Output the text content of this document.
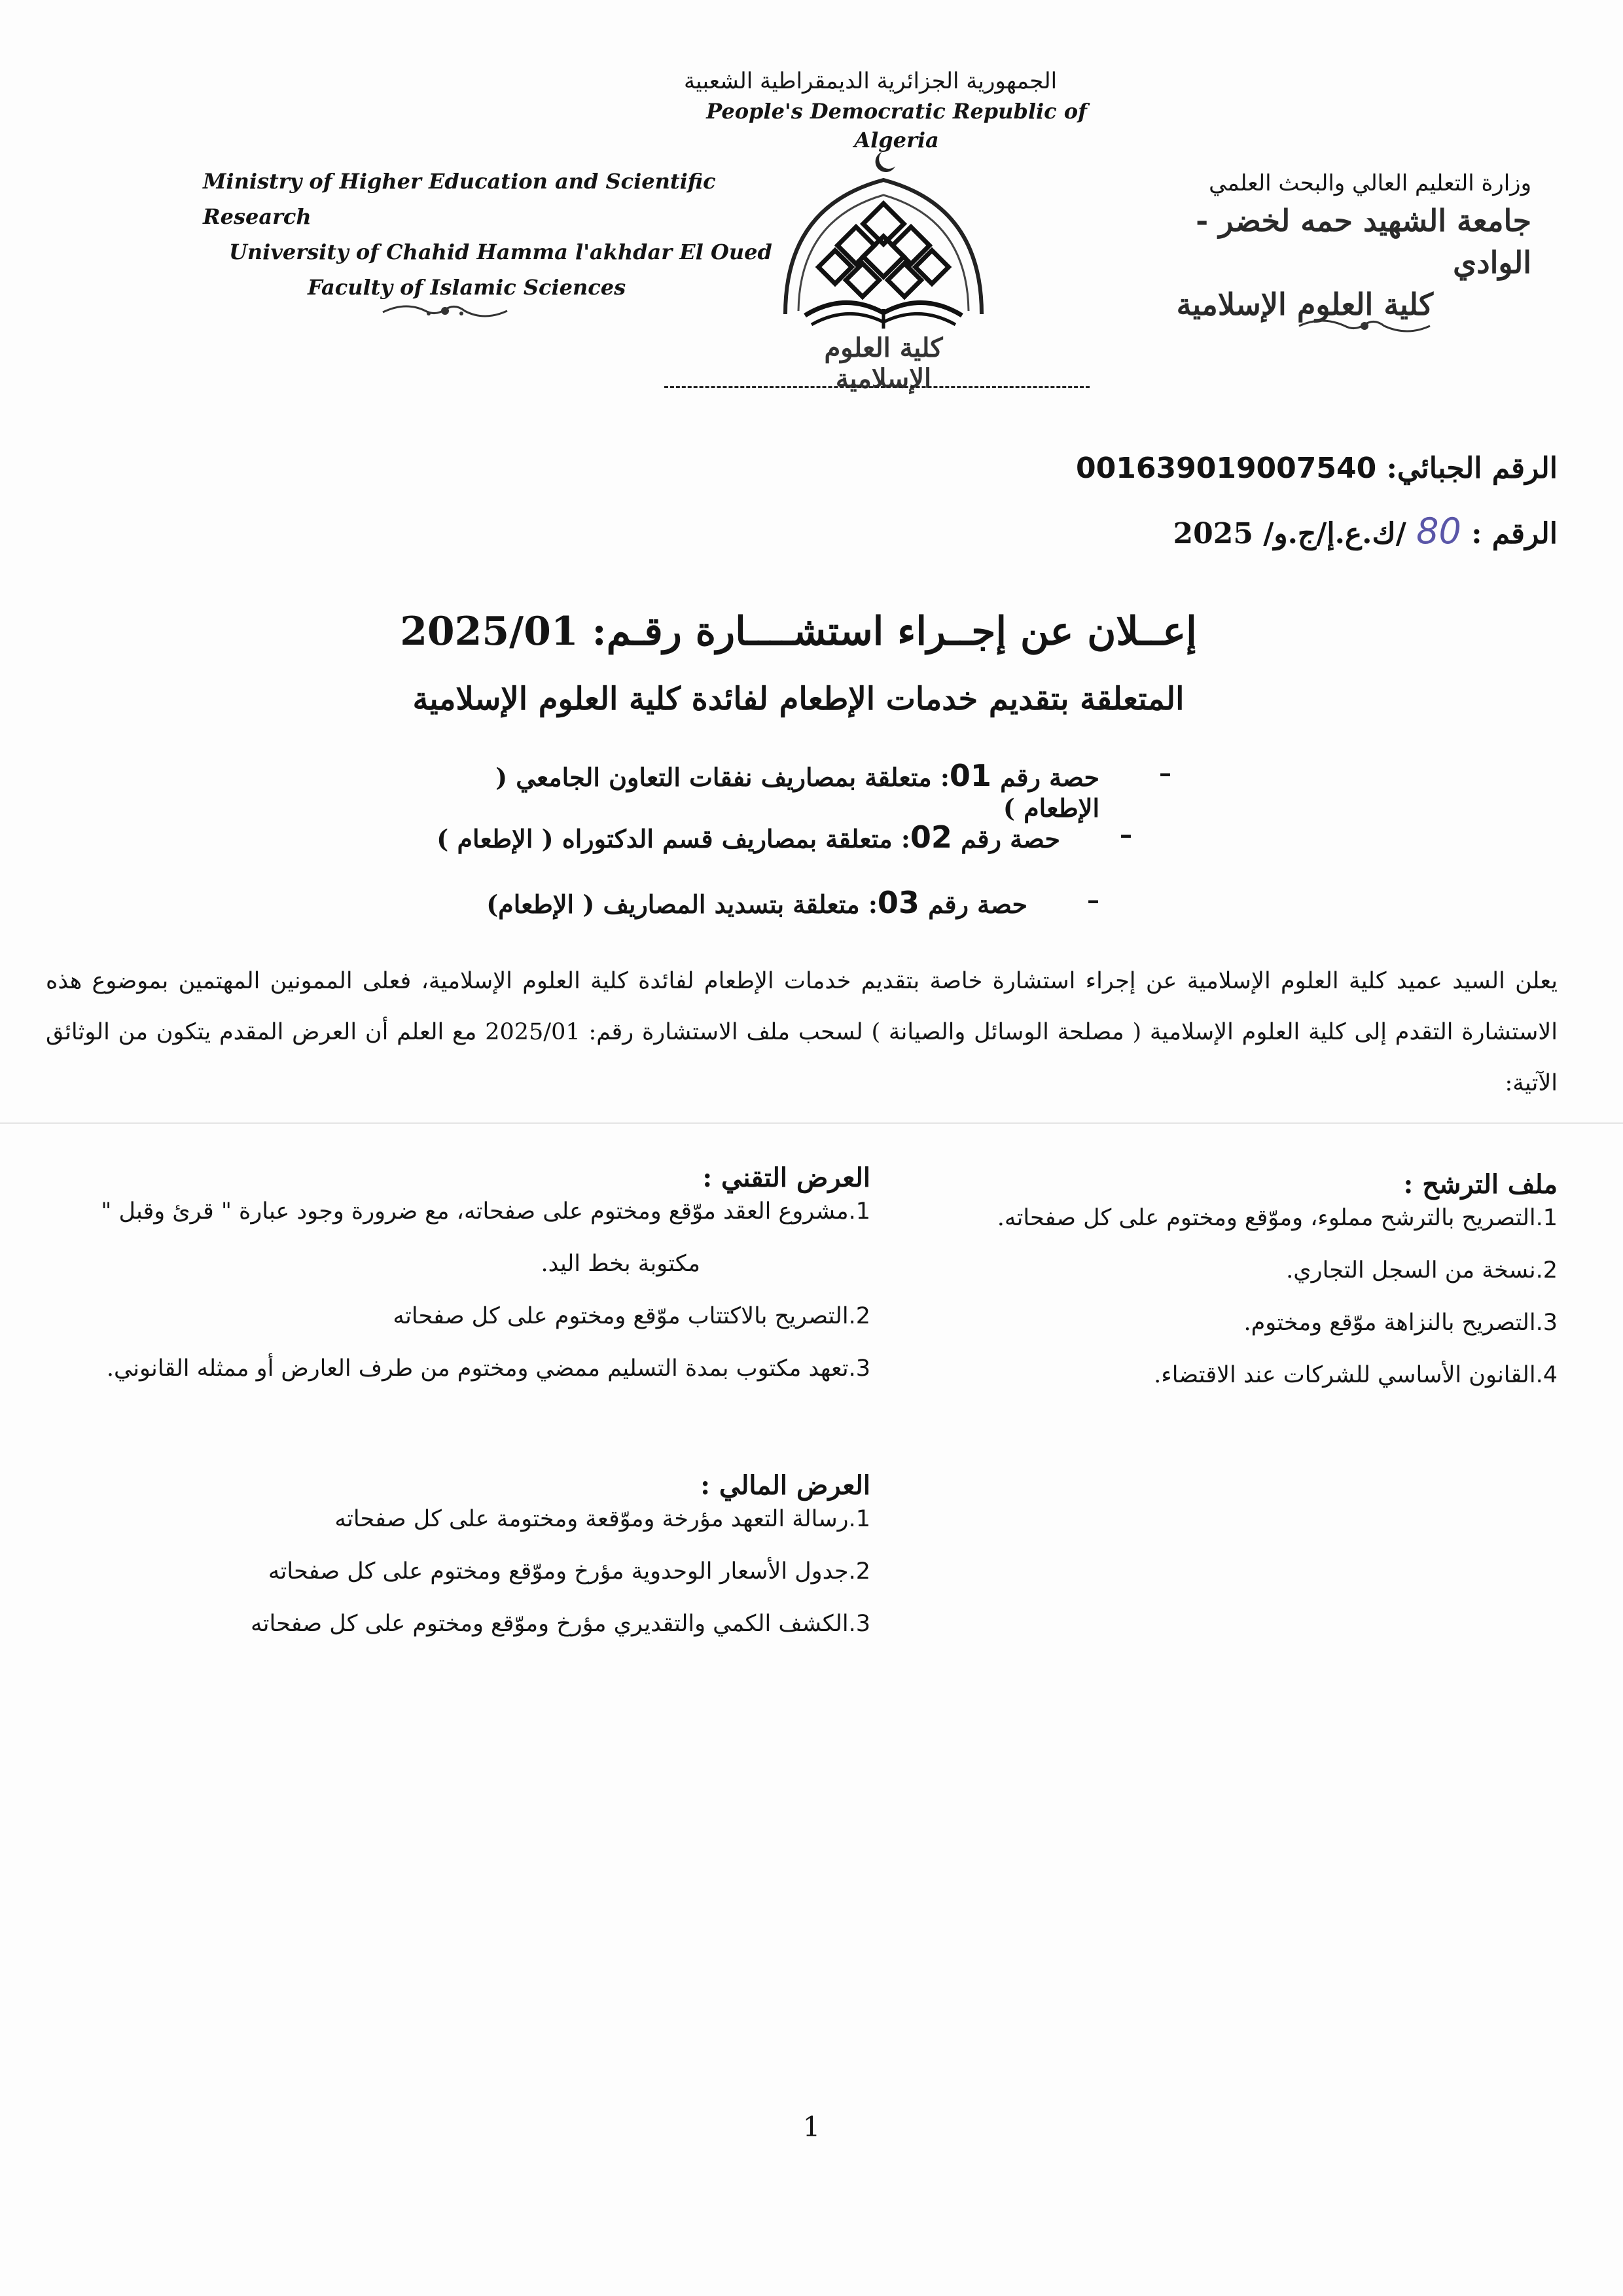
الجمهورية الجزائرية الديمقراطية الشعبية
People's Democratic Republic of Algeria
Ministry of Higher Education and Scientific Research
University of Chahid Hamma l'akhdar El Oued
Faculty of Islamic Sciences
وزارة التعليم العالي والبحث العلمي
جامعة الشهيد حمه لخضر - الوادي
كلية العلوم الإسلامية
كلية العلوم الإسلامية
الرقم الجبائي: 001639019007540
الرقم : 80 /ك.ع.إ/ج.و/ 2025
إعــلان عن إجــراء استشــــارة رقـم: 2025/01
المتعلقة بتقديم خدمات الإطعام لفائدة كلية العلوم الإسلامية
–
حصة رقم 01: متعلقة بمصاريف نفقات التعاون الجامعي ( الإطعام )
–
حصة رقم 02: متعلقة بمصاريف قسم الدكتوراه ( الإطعام )
–
حصة رقم 03: متعلقة بتسديد المصاريف ( الإطعام)
يعلن السيد عميد كلية العلوم الإسلامية عن إجراء استشارة خاصة بتقديم خدمات الإطعام لفائدة كلية العلوم الإسلامية، فعلى الممونين المهتمين بموضوع هذه الاستشارة التقدم إلى كلية العلوم الإسلامية ( مصلحة الوسائل والصيانة ) لسحب ملف الاستشارة رقم: 2025/01 مع العلم أن العرض المقدم يتكون من الوثائق الآتية:
ملف الترشح :
1.التصريح بالترشح مملوء، وموّقع ومختوم على كل صفحاته.
2.نسخة من السجل التجاري.
3.التصريح بالنزاهة موّقع ومختوم.
4.القانون الأساسي للشركات عند الاقتضاء.
العرض التقني :
1.مشروع العقد موّقع ومختوم على صفحاته، مع ضرورة وجود عبارة " قرئ وقبل "
مكتوبة بخط اليد.
2.التصريح بالاكتتاب موّقع ومختوم على كل صفحاته
3.تعهد مكتوب بمدة التسليم ممضي ومختوم من طرف العارض أو ممثله القانوني.
العرض المالي :
1.رسالة التعهد مؤرخة وموّقعة ومختومة على كل صفحاته
2.جدول الأسعار الوحدوية مؤرخ وموّقع ومختوم على كل صفحاته
3.الكشف الكمي والتقديري مؤرخ وموّقع ومختوم على كل صفحاته
1
